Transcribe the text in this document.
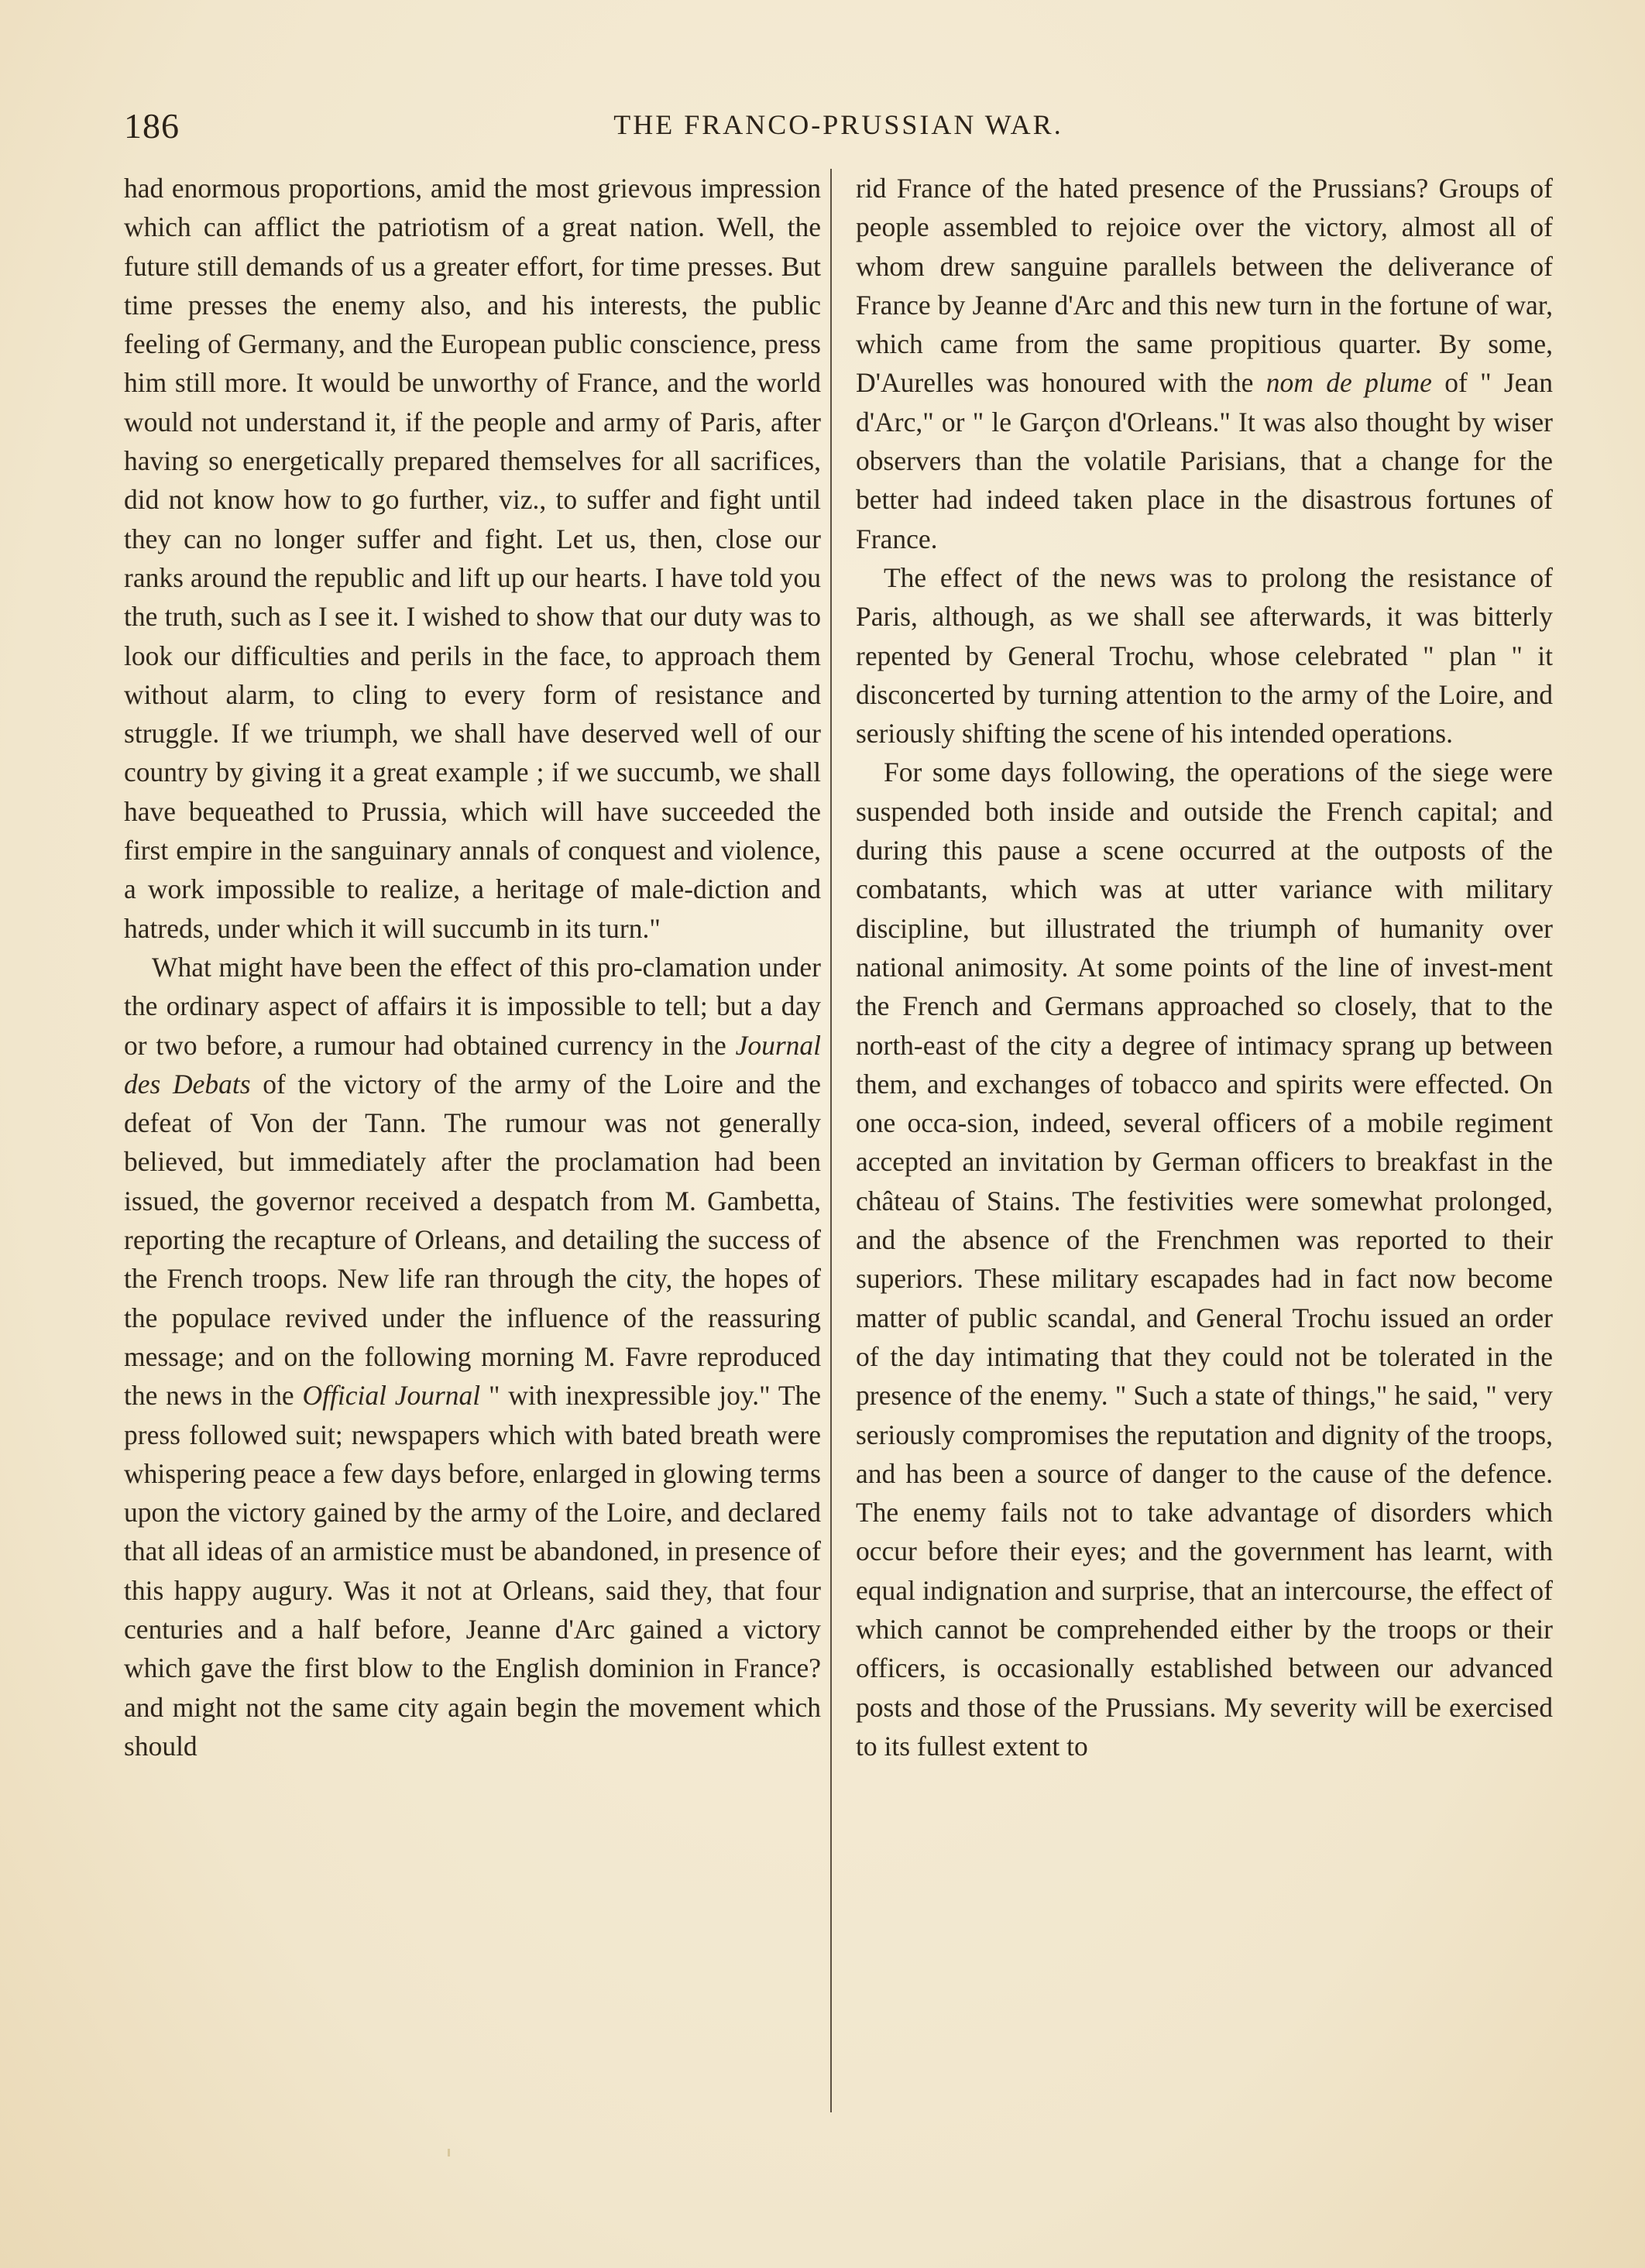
186	THE FRANCO-PRUSSIAN WAR.

had enormous proportions, amid the most grievous impression which can afflict the patriotism of a great nation. Well, the future still demands of us a greater effort, for time presses. But time presses the enemy also, and his interests, the public feeling of Germany, and the European public conscience, press him still more. It would be unworthy of France, and the world would not understand it, if the people and army of Paris, after having so energetically prepared themselves for all sacrifices, did not know how to go further, viz., to suffer and fight until they can no longer suffer and fight. Let us, then, close our ranks around the republic and lift up our hearts. I have told you the truth, such as I see it. I wished to show that our duty was to look our difficulties and perils in the face, to approach them without alarm, to cling to every form of resistance and struggle. If we triumph, we shall have deserved well of our country by giving it a great example ; if we succumb, we shall have bequeathed to Prussia, which will have succeeded the first empire in the sanguinary annals of conquest and violence, a work impossible to realize, a heritage of male-diction and hatreds, under which it will succumb in its turn."

What might have been the effect of this pro-clamation under the ordinary aspect of affairs it is impossible to tell; but a day or two before, a rumour had obtained currency in the Journal des Debats of the victory of the army of the Loire and the defeat of Von der Tann. The rumour was not generally believed, but immediately after the proclamation had been issued, the governor received a despatch from M. Gambetta, reporting the recapture of Orleans, and detailing the success of the French troops. New life ran through the city, the hopes of the populace revived under the influence of the reassuring message; and on the following morning M. Favre reproduced the news in the Official Journal " with inexpressible joy." The press followed suit; newspapers which with bated breath were whispering peace a few days before, enlarged in glowing terms upon the victory gained by the army of the Loire, and declared that all ideas of an armistice must be abandoned, in presence of this happy augury. Was it not at Orleans, said they, that four centuries and a half before, Jeanne d'Arc gained a victory which gave the first blow to the English dominion in France? and might not the same city again begin the movement which should

rid France of the hated presence of the Prussians? Groups of people assembled to rejoice over the victory, almost all of whom drew sanguine parallels between the deliverance of France by Jeanne d'Arc and this new turn in the fortune of war, which came from the same propitious quarter. By some, D'Aurelles was honoured with the nom de plume of " Jean d'Arc," or " le Garçon d'Orleans." It was also thought by wiser observers than the volatile Parisians, that a change for the better had indeed taken place in the disastrous fortunes of France.

The effect of the news was to prolong the resistance of Paris, although, as we shall see afterwards, it was bitterly repented by General Trochu, whose celebrated " plan " it disconcerted by turning attention to the army of the Loire, and seriously shifting the scene of his intended operations.

For some days following, the operations of the siege were suspended both inside and outside the French capital; and during this pause a scene occurred at the outposts of the combatants, which was at utter variance with military discipline, but illustrated the triumph of humanity over national animosity. At some points of the line of invest-ment the French and Germans approached so closely, that to the north-east of the city a degree of intimacy sprang up between them, and exchanges of tobacco and spirits were effected. On one occa-sion, indeed, several officers of a mobile regiment accepted an invitation by German officers to breakfast in the château of Stains. The festivities were somewhat prolonged, and the absence of the Frenchmen was reported to their superiors. These military escapades had in fact now become matter of public scandal, and General Trochu issued an order of the day intimating that they could not be tolerated in the presence of the enemy. " Such a state of things," he said, " very seriously compromises the reputation and dignity of the troops, and has been a source of danger to the cause of the defence. The enemy fails not to take advantage of disorders which occur before their eyes; and the government has learnt, with equal indignation and surprise, that an intercourse, the effect of which cannot be comprehended either by the troops or their officers, is occasionally established between our advanced posts and those of the Prussians. My severity will be exercised to its fullest extent to
